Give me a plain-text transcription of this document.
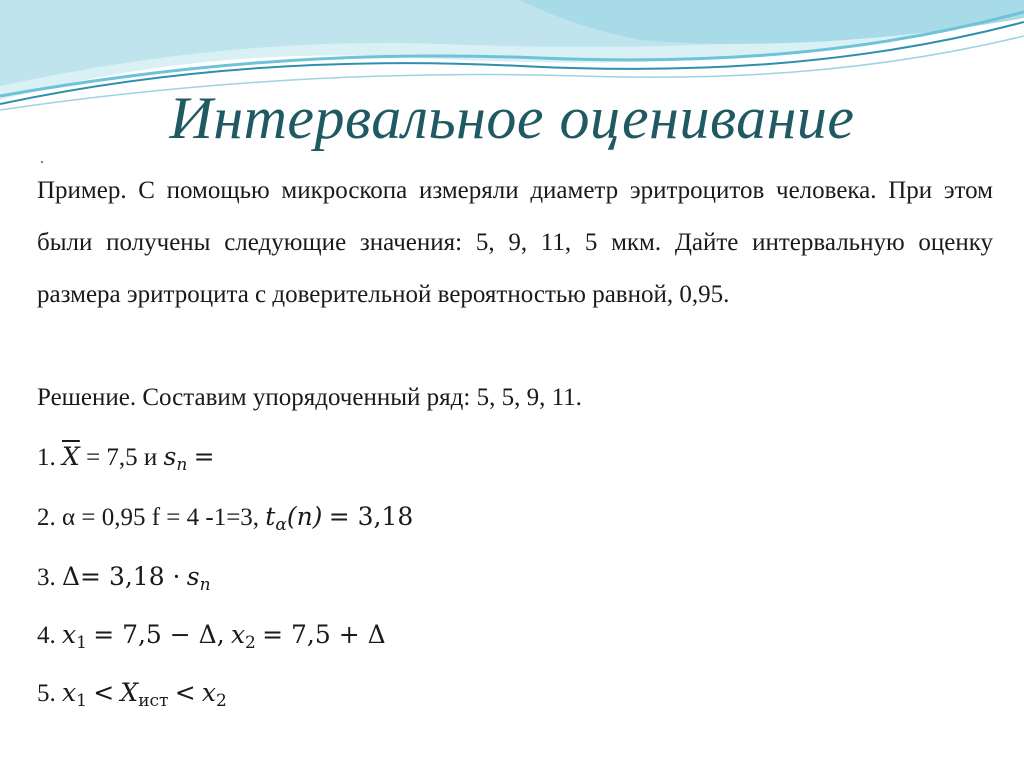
Интервальное оценивание
.

Пример. С помощью микроскопа измеряли диаметр эритроцитов человека. При этом были получены следующие значения: 5, 9, 11, 5 мкм. Дайте интервальную оценку размера эритроцита с доверительной вероятностью равной, 0,95.

Решение. Составим упорядоченный ряд: 5, 5, 9, 11.
1. $\overline{X} = 7,5$ и $s_n$ =
2. α = 0,95 f = 4 -1=3, $t_\alpha(n) = 3,18$
3. $\Delta= 3,18 \cdot s_n$
4. $x_1 = 7,5 - \Delta$, $x_2 = 7,5 + \Delta$
5. $x_1 < X_{ист} < x_2$
